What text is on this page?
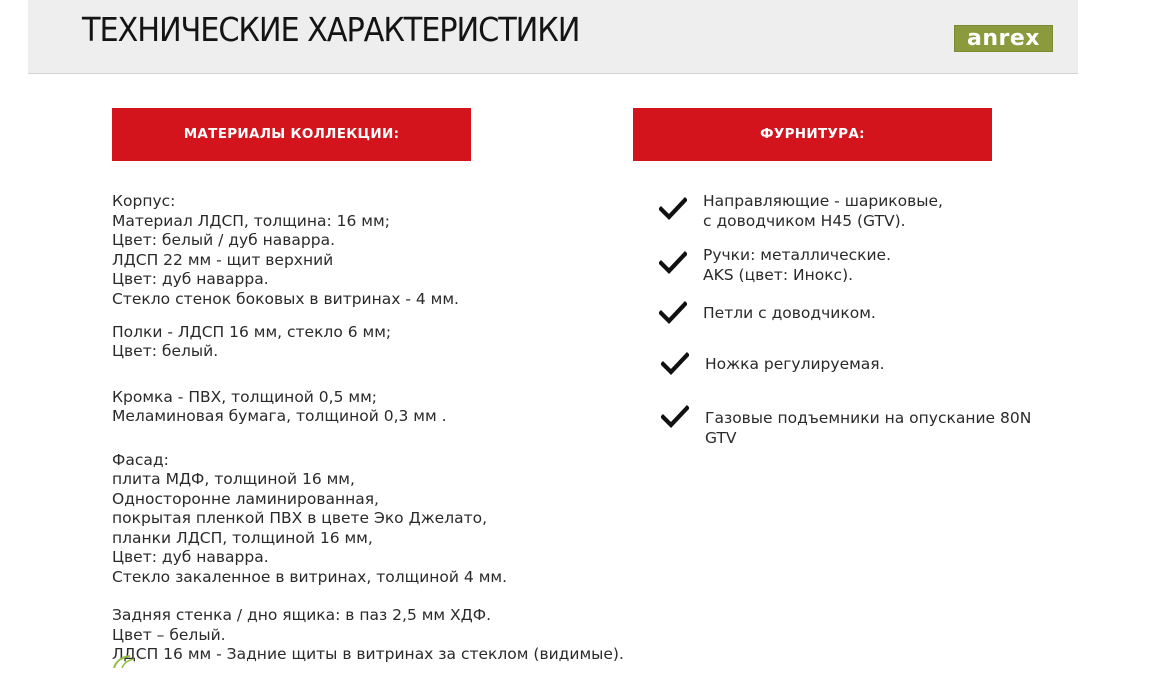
ТЕХНИЧЕСКИЕ ХАРАКТЕРИСТИКИ	anrex
МАТЕРИАЛЫ КОЛЛЕКЦИИ:	ФУРНИТУРА:
Корпус:
Материал ЛДСП, толщина: 16 мм;
Цвет: белый / дуб наварра.
ЛДСП 22 мм - щит верхний
Цвет: дуб наварра.
Стекло стенок боковых в витринах - 4 мм.
Полки - ЛДСП 16 мм, стекло 6 мм;
Цвет: белый.
Кромка - ПВХ, толщиной 0,5 мм;
Меламиновая бумага, толщиной 0,3 мм .
Фасад:
плита МДФ, толщиной 16 мм,
Односторонне ламинированная,
покрытая пленкой ПВХ в цвете Эко Джелато,
планки ЛДСП, толщиной 16 мм,
Цвет: дуб наварра.
Стекло закаленное в витринах, толщиной 4 мм.
Задняя стенка / дно ящика: в паз 2,5 мм ХДФ.
Цвет – белый.
ЛДСП 16 мм - Задние щиты в витринах за стеклом (видимые).
Направляющие - шариковые,
с доводчиком H45 (GTV).
Ручки: металлические.
AKS (цвет: Инокс).
Петли с доводчиком.
Ножка регулируемая.
Газовые подъемники на опускание 80N
GTV
